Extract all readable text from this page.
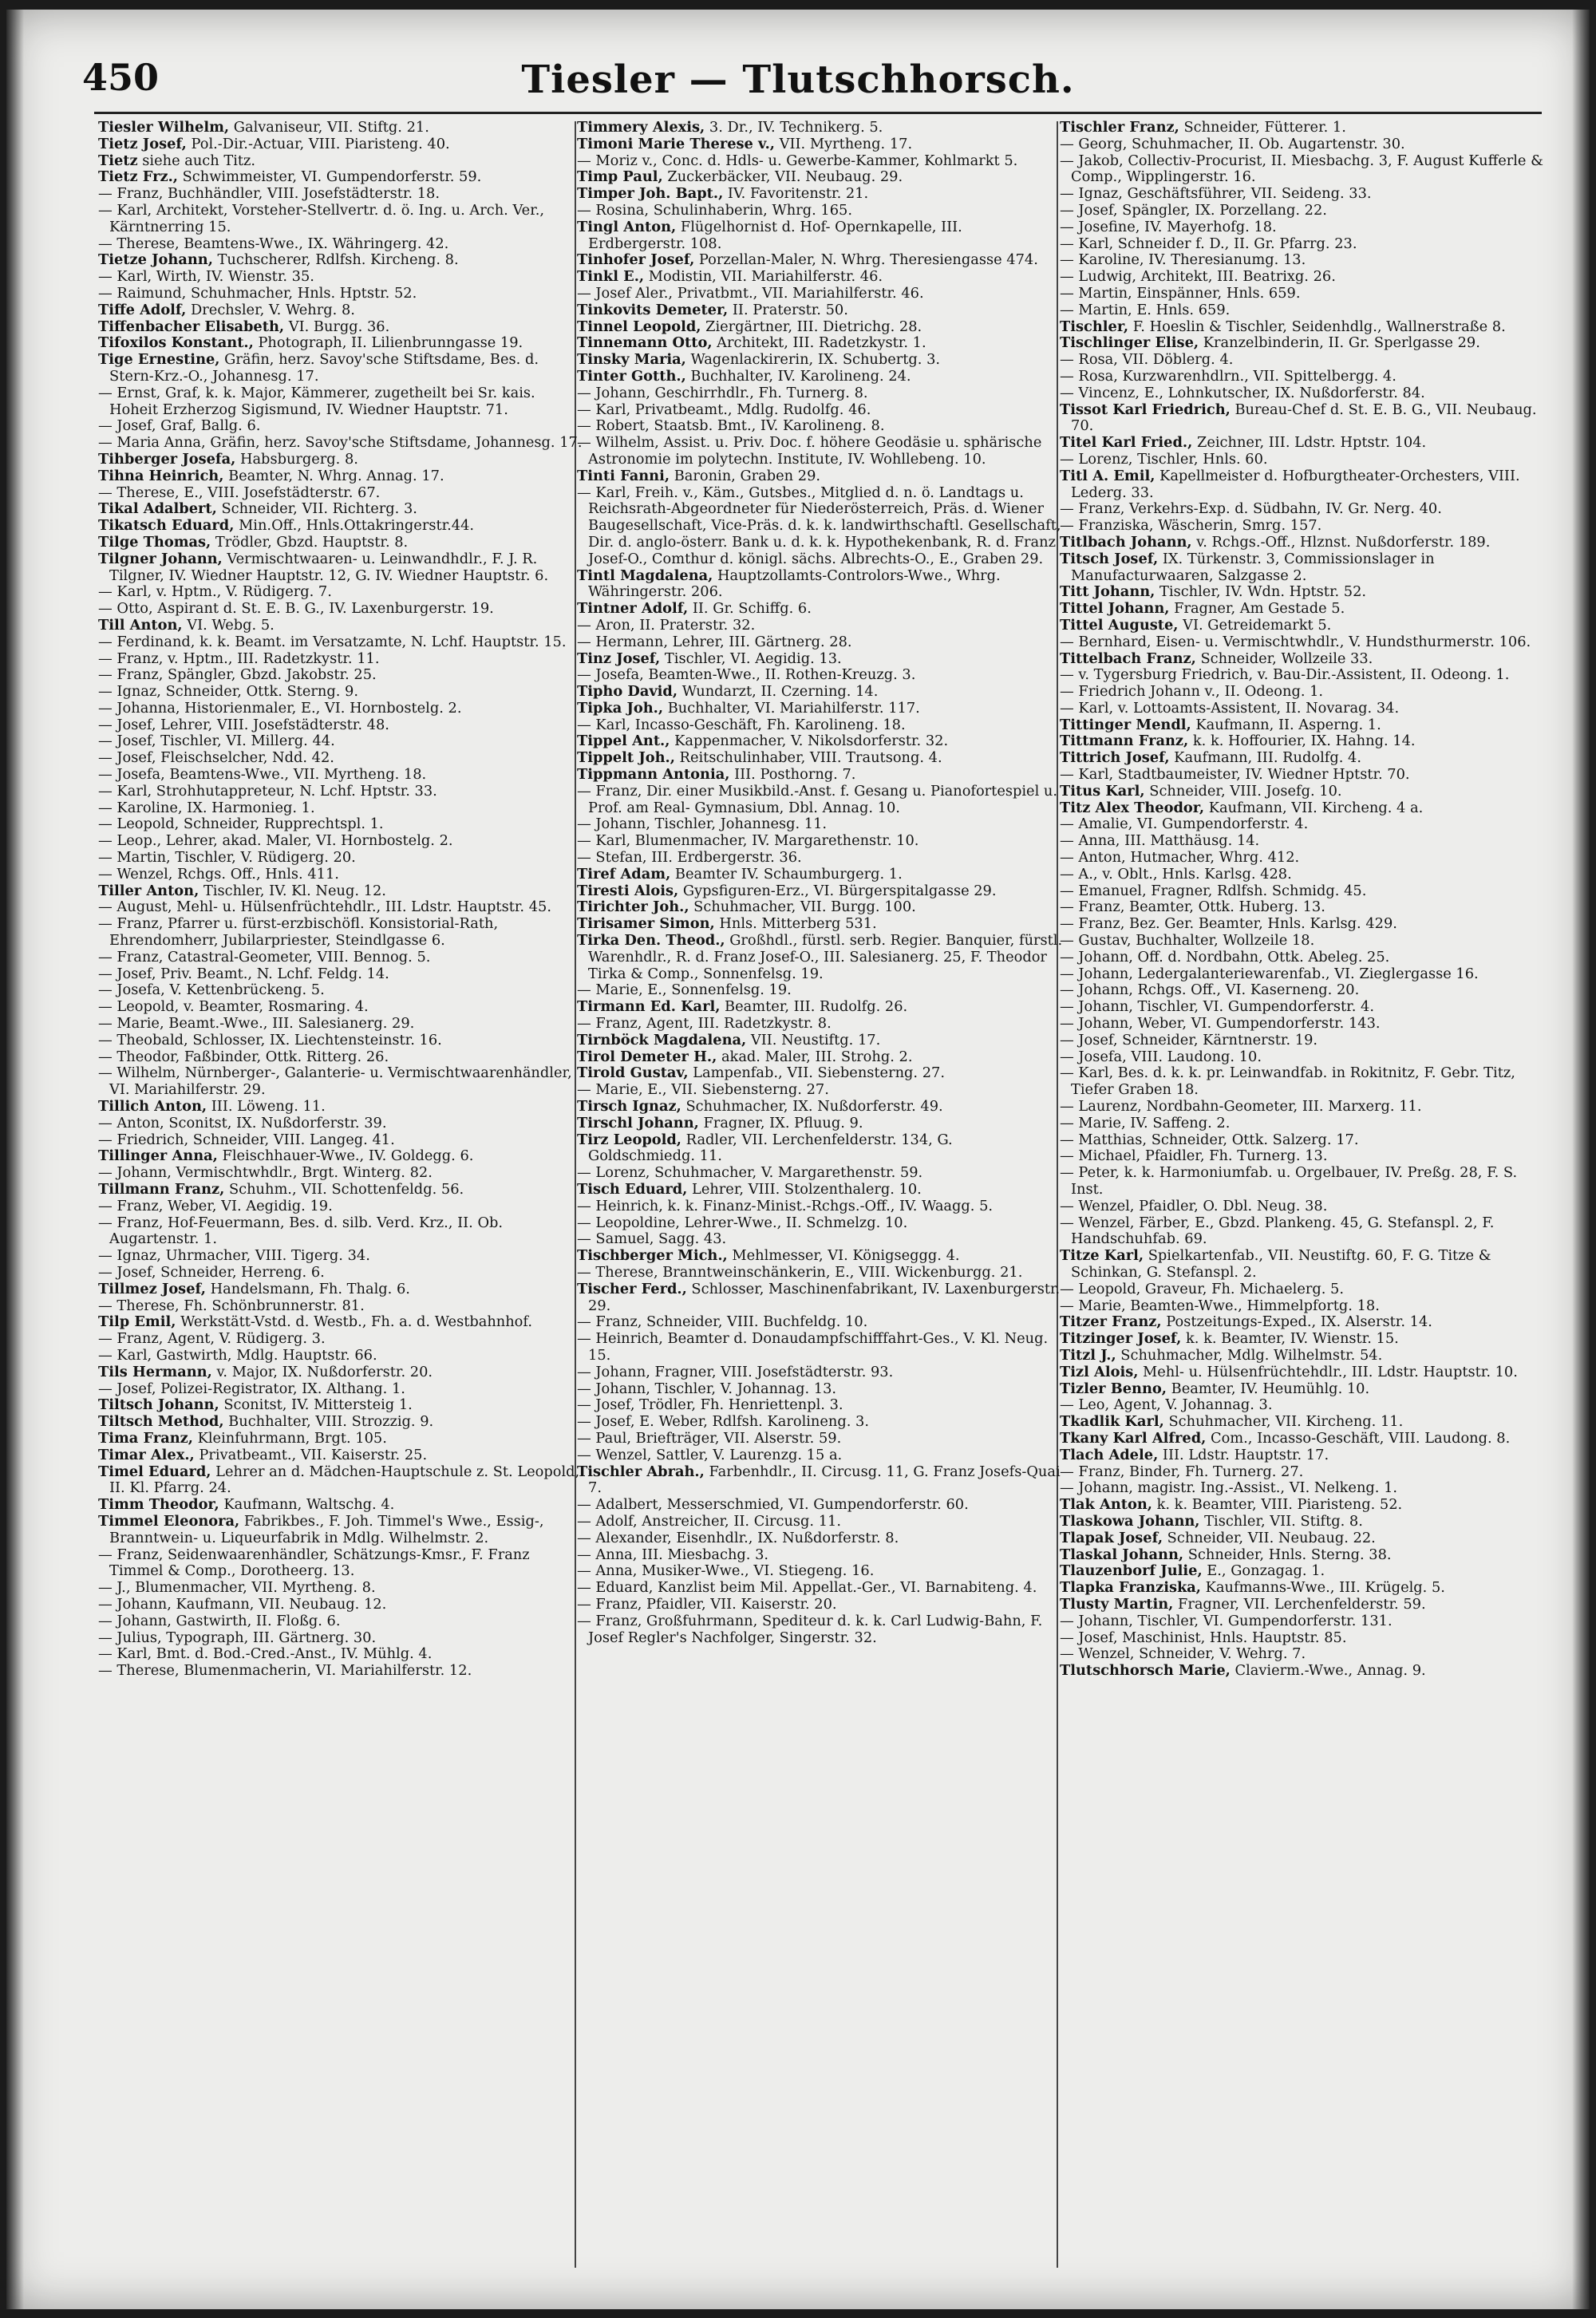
450	Tiesler — Tlutschhorsch.
Tiesler Wilhelm, Galvaniseur, VII. Stiftg. 21.
Tietz Josef, Pol.-Dir.-Actuar, VIII. Piaristeng. 40.
Tietz siehe auch Titz.
Tietz Frz., Schwimmeister, VI. Gumpendorferstr. 59.
— Franz, Buchhändler, VIII. Josefstädterstr. 18.
— Karl, Architekt, Vorsteher-Stellvertr. d. ö. Ing. u. Arch. Ver., Kärntnerring 15.
— Therese, Beamtens-Wwe., IX. Währingerg. 42.
Tietze Johann, Tuchscherer, Rdlfsh. Kircheng. 8.
— Karl, Wirth, IV. Wienstr. 35.
— Raimund, Schuhmacher, Hnls. Hptstr. 52.
Tiffe Adolf, Drechsler, V. Wehrg. 8.
Tiffenbacher Elisabeth, VI. Burgg. 36.
Tifoxilos Konstant., Photograph, II. Lilienbrunngasse 19.
Tige Ernestine, Gräfin, herz. Savoy'sche Stiftsdame, Bes. d. Stern-Krz.-O., Johannesg. 17.
— Ernst, Graf, k. k. Major, Kämmerer, zugetheilt bei Sr. kais. Hoheit Erzherzog Sigismund, IV. Wiedner Hauptstr. 71.
— Josef, Graf, Ballg. 6.
— Maria Anna, Gräfin, herz. Savoy'sche Stiftsdame, Johannesg. 17.
Tihberger Josefa, Habsburgerg. 8.
Tihna Heinrich, Beamter, N. Whrg. Annag. 17.
— Therese, E., VIII. Josefstädterstr. 67.
Tikal Adalbert, Schneider, VII. Richterg. 3.
Tikatsch Eduard, Min.Off., Hnls.Ottakringerstr.44.
Tilge Thomas, Trödler, Gbzd. Hauptstr. 8.
Tilgner Johann, Vermischtwaaren- u. Leinwandhdlr., F. J. R. Tilgner, IV. Wiedner Hauptstr. 12, G. IV. Wiedner Hauptstr. 6.
— Karl, v. Hptm., V. Rüdigerg. 7.
— Otto, Aspirant d. St. E. B. G., IV. Laxenburgerstr. 19.
Till Anton, VI. Webg. 5.
— Ferdinand, k. k. Beamt. im Versatzamte, N. Lchf. Hauptstr. 15.
— Franz, v. Hptm., III. Radetzkystr. 11.
— Franz, Spängler, Gbzd. Jakobstr. 25.
— Ignaz, Schneider, Ottk. Sterng. 9.
— Johanna, Historienmaler, E., VI. Hornbostelg. 2.
— Josef, Lehrer, VIII. Josefstädterstr. 48.
— Josef, Tischler, VI. Millerg. 44.
— Josef, Fleischselcher, Ndd. 42.
— Josefa, Beamtens-Wwe., VII. Myrtheng. 18.
— Karl, Strohhutappreteur, N. Lchf. Hptstr. 33.
— Karoline, IX. Harmonieg. 1.
— Leopold, Schneider, Rupprechtspl. 1.
— Leop., Lehrer, akad. Maler, VI. Hornbostelg. 2.
— Martin, Tischler, V. Rüdigerg. 20.
— Wenzel, Rchgs. Off., Hnls. 411.
Tiller Anton, Tischler, IV. Kl. Neug. 12.
— August, Mehl- u. Hülsenfrüchtehdlr., III. Ldstr. Hauptstr. 45.
— Franz, Pfarrer u. fürst-erzbischöfl. Konsistorial-Rath, Ehrendomherr, Jubilarpriester, Steindlgasse 6.
— Franz, Catastral-Geometer, VIII. Bennog. 5.
— Josef, Priv. Beamt., N. Lchf. Feldg. 14.
— Josefa, V. Kettenbrückeng. 5.
— Leopold, v. Beamter, Rosmaring. 4.
— Marie, Beamt.-Wwe., III. Salesianerg. 29.
— Theobald, Schlosser, IX. Liechtensteinstr. 16.
— Theodor, Faßbinder, Ottk. Ritterg. 26.
— Wilhelm, Nürnberger-, Galanterie- u. Vermischtwaarenhändler, VI. Mariahilferstr. 29.
Tillich Anton, III. Löweng. 11.
— Anton, Sconitst, IX. Nußdorferstr. 39.
— Friedrich, Schneider, VIII. Langeg. 41.
Tillinger Anna, Fleischhauer-Wwe., IV. Goldegg. 6.
— Johann, Vermischtwhdlr., Brgt. Winterg. 82.
Tillmann Franz, Schuhm., VII. Schottenfeldg. 56.
— Franz, Weber, VI. Aegidig. 19.
— Franz, Hof-Feuermann, Bes. d. silb. Verd. Krz., II. Ob. Augartenstr. 1.
— Ignaz, Uhrmacher, VIII. Tigerg. 34.
— Josef, Schneider, Herreng. 6.
Tillmez Josef, Handelsmann, Fh. Thalg. 6.
— Therese, Fh. Schönbrunnerstr. 81.
Tilp Emil, Werkstätt-Vstd. d. Westb., Fh. a. d. Westbahnhof.
— Franz, Agent, V. Rüdigerg. 3.
— Karl, Gastwirth, Mdlg. Hauptstr. 66.
Tils Hermann, v. Major, IX. Nußdorferstr. 20.
— Josef, Polizei-Registrator, IX. Althang. 1.
Tiltsch Johann, Sconitst, IV. Mittersteig 1.
Tiltsch Method, Buchhalter, VIII. Strozzig. 9.
Tima Franz, Kleinfuhrmann, Brgt. 105.
Timar Alex., Privatbeamt., VII. Kaiserstr. 25.
Timel Eduard, Lehrer an d. Mädchen-Hauptschule z. St. Leopold, II. Kl. Pfarrg. 24.
Timm Theodor, Kaufmann, Waltschg. 4.
Timmel Eleonora, Fabrikbes., F. Joh. Timmel's Wwe., Essig-, Branntwein- u. Liqueurfabrik in Mdlg. Wilhelmstr. 2.
— Franz, Seidenwaarenhändler, Schätzungs-Kmsr., F. Franz Timmel & Comp., Dorotheerg. 13.
— J., Blumenmacher, VII. Myrtheng. 8.
— Johann, Kaufmann, VII. Neubaug. 12.
— Johann, Gastwirth, II. Floßg. 6.
— Julius, Typograph, III. Gärtnerg. 30.
— Karl, Bmt. d. Bod.-Cred.-Anst., IV. Mühlg. 4.
— Therese, Blumenmacherin, VI. Mariahilferstr. 12.
Timmery Alexis, 3. Dr., IV. Technikerg. 5.
Timoni Marie Therese v., VII. Myrtheng. 17.
— Moriz v., Conc. d. Hdls- u. Gewerbe-Kammer, Kohlmarkt 5.
Timp Paul, Zuckerbäcker, VII. Neubaug. 29.
Timper Joh. Bapt., IV. Favoritenstr. 21.
— Rosina, Schulinhaberin, Whrg. 165.
Tingl Anton, Flügelhornist d. Hof- Opernkapelle, III. Erdbergerstr. 108.
Tinhofer Josef, Porzellan-Maler, N. Whrg. Theresiengasse 474.
Tinkl E., Modistin, VII. Mariahilferstr. 46.
— Josef Aler., Privatbmt., VII. Mariahilferstr. 46.
Tinkovits Demeter, II. Praterstr. 50.
Tinnel Leopold, Ziergärtner, III. Dietrichg. 28.
Tinnemann Otto, Architekt, III. Radetzkystr. 1.
Tinsky Maria, Wagenlackirerin, IX. Schubertg. 3.
Tinter Gotth., Buchhalter, IV. Karolineng. 24.
— Johann, Geschirrhdlr., Fh. Turnerg. 8.
— Karl, Privatbeamt., Mdlg. Rudolfg. 46.
— Robert, Staatsb. Bmt., IV. Karolineng. 8.
— Wilhelm, Assist. u. Priv. Doc. f. höhere Geodäsie u. sphärische Astronomie im polytechn. Institute, IV. Wohllebeng. 10.
Tinti Fanni, Baronin, Graben 29.
— Karl, Freih. v., Käm., Gutsbes., Mitglied d. n. ö. Landtags u. Reichsrath-Abgeordneter für Niederösterreich, Präs. d. Wiener Baugesellschaft, Vice-Präs. d. k. k. landwirthschaftl. Gesellschaft, Dir. d. anglo-österr. Bank u. d. k. k. Hypothekenbank, R. d. Franz Josef-O., Comthur d. königl. sächs. Albrechts-O., E., Graben 29.
Tintl Magdalena, Hauptzollamts-Controlors-Wwe., Whrg. Währingerstr. 206.
Tintner Adolf, II. Gr. Schiffg. 6.
— Aron, II. Praterstr. 32.
— Hermann, Lehrer, III. Gärtnerg. 28.
Tinz Josef, Tischler, VI. Aegidig. 13.
— Josefa, Beamten-Wwe., II. Rothen-Kreuzg. 3.
Tipho David, Wundarzt, II. Czerning. 14.
Tipka Joh., Buchhalter, VI. Mariahilferstr. 117.
— Karl, Incasso-Geschäft, Fh. Karolineng. 18.
Tippel Ant., Kappenmacher, V. Nikolsdorferstr. 32.
Tippelt Joh., Reitschulinhaber, VIII. Trautsong. 4.
Tippmann Antonia, III. Posthorng. 7.
— Franz, Dir. einer Musikbild.-Anst. f. Gesang u. Pianofortespiel u. Prof. am Real- Gymnasium, Dbl. Annag. 10.
— Johann, Tischler, Johannesg. 11.
— Karl, Blumenmacher, IV. Margarethenstr. 10.
— Stefan, III. Erdbergerstr. 36.
Tiref Adam, Beamter IV. Schaumburgerg. 1.
Tiresti Alois, Gypsfiguren-Erz., VI. Bürgerspitalgasse 29.
Tirichter Joh., Schuhmacher, VII. Burgg. 100.
Tirisamer Simon, Hnls. Mitterberg 531.
Tirka Den. Theod., Großhdl., fürstl. serb. Regier. Banquier, fürstl. Warenhdlr., R. d. Franz Josef-O., III. Salesianerg. 25, F. Theodor Tirka & Comp., Sonnenfelsg. 19.
— Marie, E., Sonnenfelsg. 19.
Tirmann Ed. Karl, Beamter, III. Rudolfg. 26.
— Franz, Agent, III. Radetzkystr. 8.
Tirnböck Magdalena, VII. Neustiftg. 17.
Tirol Demeter H., akad. Maler, III. Strohg. 2.
Tirold Gustav, Lampenfab., VII. Siebensterng. 27.
— Marie, E., VII. Siebensterng. 27.
Tirsch Ignaz, Schuhmacher, IX. Nußdorferstr. 49.
Tirschl Johann, Fragner, IX. Pfluug. 9.
Tirz Leopold, Radler, VII. Lerchenfelderstr. 134, G. Goldschmiedg. 11.
— Lorenz, Schuhmacher, V. Margarethenstr. 59.
Tisch Eduard, Lehrer, VIII. Stolzenthalerg. 10.
— Heinrich, k. k. Finanz-Minist.-Rchgs.-Off., IV. Waagg. 5.
— Leopoldine, Lehrer-Wwe., II. Schmelzg. 10.
— Samuel, Sagg. 43.
Tischberger Mich., Mehlmesser, VI. Königseggg. 4.
— Therese, Branntweinschänkerin, E., VIII. Wickenburgg. 21.
Tischer Ferd., Schlosser, Maschinenfabrikant, IV. Laxenburgerstr. 29.
— Franz, Schneider, VIII. Buchfeldg. 10.
— Heinrich, Beamter d. Donaudampfschifffahrt-Ges., V. Kl. Neug. 15.
— Johann, Fragner, VIII. Josefstädterstr. 93.
— Johann, Tischler, V. Johannag. 13.
— Josef, Trödler, Fh. Henriettenpl. 3.
— Josef, E. Weber, Rdlfsh. Karolineng. 3.
— Paul, Briefträger, VII. Alserstr. 59.
— Wenzel, Sattler, V. Laurenzg. 15 a.
Tischler Abrah., Farbenhdlr., II. Circusg. 11, G. Franz Josefs-Quai 7.
— Adalbert, Messerschmied, VI. Gumpendorferstr. 60.
— Adolf, Anstreicher, II. Circusg. 11.
— Alexander, Eisenhdlr., IX. Nußdorferstr. 8.
— Anna, III. Miesbachg. 3.
— Anna, Musiker-Wwe., VI. Stiegeng. 16.
— Eduard, Kanzlist beim Mil. Appellat.-Ger., VI. Barnabiteng. 4.
— Franz, Pfaidler, VII. Kaiserstr. 20.
— Franz, Großfuhrmann, Spediteur d. k. k. Carl Ludwig-Bahn, F. Josef Regler's Nachfolger, Singerstr. 32.
Tischler Franz, Schneider, Fütterer. 1.
— Georg, Schuhmacher, II. Ob. Augartenstr. 30.
— Jakob, Collectiv-Procurist, II. Miesbachg. 3, F. August Kufferle & Comp., Wipplingerstr. 16.
— Ignaz, Geschäftsführer, VII. Seideng. 33.
— Josef, Spängler, IX. Porzellang. 22.
— Josefine, IV. Mayerhofg. 18.
— Karl, Schneider f. D., II. Gr. Pfarrg. 23.
— Karoline, IV. Theresianumg. 13.
— Ludwig, Architekt, III. Beatrixg. 26.
— Martin, Einspänner, Hnls. 659.
— Martin, E. Hnls. 659.
Tischler, F. Hoeslin & Tischler, Seidenhdlg., Wallnerstraße 8.
Tischlinger Elise, Kranzelbinderin, II. Gr. Sperlgasse 29.
— Rosa, VII. Döblerg. 4.
— Rosa, Kurzwarenhdlrn., VII. Spittelbergg. 4.
— Vincenz, E., Lohnkutscher, IX. Nußdorferstr. 84.
Tissot Karl Friedrich, Bureau-Chef d. St. E. B. G., VII. Neubaug. 70.
Titel Karl Fried., Zeichner, III. Ldstr. Hptstr. 104.
— Lorenz, Tischler, Hnls. 60.
Titl A. Emil, Kapellmeister d. Hofburgtheater-Orchesters, VIII. Lederg. 33.
— Franz, Verkehrs-Exp. d. Südbahn, IV. Gr. Nerg. 40.
— Franziska, Wäscherin, Smrg. 157.
Titlbach Johann, v. Rchgs.-Off., Hlznst. Nußdorferstr. 189.
Titsch Josef, IX. Türkenstr. 3, Commissionslager in Manufacturwaaren, Salzgasse 2.
Titt Johann, Tischler, IV. Wdn. Hptstr. 52.
Tittel Johann, Fragner, Am Gestade 5.
Tittel Auguste, VI. Getreidemarkt 5.
— Bernhard, Eisen- u. Vermischtwhdlr., V. Hundsthurmerstr. 106.
Tittelbach Franz, Schneider, Wollzeile 33.
— v. Tygersburg Friedrich, v. Bau-Dir.-Assistent, II. Odeong. 1.
— Friedrich Johann v., II. Odeong. 1.
— Karl, v. Lottoamts-Assistent, II. Novarag. 34.
Tittinger Mendl, Kaufmann, II. Asperng. 1.
Tittmann Franz, k. k. Hoffourier, IX. Hahng. 14.
Tittrich Josef, Kaufmann, III. Rudolfg. 4.
— Karl, Stadtbaumeister, IV. Wiedner Hptstr. 70.
Titus Karl, Schneider, VIII. Josefg. 10.
Titz Alex Theodor, Kaufmann, VII. Kircheng. 4 a.
— Amalie, VI. Gumpendorferstr. 4.
— Anna, III. Matthäusg. 14.
— Anton, Hutmacher, Whrg. 412.
— A., v. Oblt., Hnls. Karlsg. 428.
— Emanuel, Fragner, Rdlfsh. Schmidg. 45.
— Franz, Beamter, Ottk. Huberg. 13.
— Franz, Bez. Ger. Beamter, Hnls. Karlsg. 429.
— Gustav, Buchhalter, Wollzeile 18.
— Johann, Off. d. Nordbahn, Ottk. Abeleg. 25.
— Johann, Ledergalanteriewarenfab., VI. Zieglergasse 16.
— Johann, Rchgs. Off., VI. Kaserneng. 20.
— Johann, Tischler, VI. Gumpendorferstr. 4.
— Johann, Weber, VI. Gumpendorferstr. 143.
— Josef, Schneider, Kärntnerstr. 19.
— Josefa, VIII. Laudong. 10.
— Karl, Bes. d. k. k. pr. Leinwandfab. in Rokitnitz, F. Gebr. Titz, Tiefer Graben 18.
— Laurenz, Nordbahn-Geometer, III. Marxerg. 11.
— Marie, IV. Saffeng. 2.
— Matthias, Schneider, Ottk. Salzerg. 17.
— Michael, Pfaidler, Fh. Turnerg. 13.
— Peter, k. k. Harmoniumfab. u. Orgelbauer, IV. Preßg. 28, F. S. Inst.
— Wenzel, Pfaidler, O. Dbl. Neug. 38.
— Wenzel, Färber, E., Gbzd. Plankeng. 45, G. Stefanspl. 2, F. Handschuhfab. 69.
Titze Karl, Spielkartenfab., VII. Neustiftg. 60, F. G. Titze & Schinkan, G. Stefanspl. 2.
— Leopold, Graveur, Fh. Michaelerg. 5.
— Marie, Beamten-Wwe., Himmelpfortg. 18.
Titzer Franz, Postzeitungs-Exped., IX. Alserstr. 14.
Titzinger Josef, k. k. Beamter, IV. Wienstr. 15.
Titzl J., Schuhmacher, Mdlg. Wilhelmstr. 54.
Tizl Alois, Mehl- u. Hülsenfrüchtehdlr., III. Ldstr. Hauptstr. 10.
Tizler Benno, Beamter, IV. Heumühlg. 10.
— Leo, Agent, V. Johannag. 3.
Tkadlik Karl, Schuhmacher, VII. Kircheng. 11.
Tkany Karl Alfred, Com., Incasso-Geschäft, VIII. Laudong. 8.
Tlach Adele, III. Ldstr. Hauptstr. 17.
— Franz, Binder, Fh. Turnerg. 27.
— Johann, magistr. Ing.-Assist., VI. Nelkeng. 1.
Tlak Anton, k. k. Beamter, VIII. Piaristeng. 52.
Tlaskowa Johann, Tischler, VII. Stiftg. 8.
Tlapak Josef, Schneider, VII. Neubaug. 22.
Tlaskal Johann, Schneider, Hnls. Sterng. 38.
Tlauzenborf Julie, E., Gonzagag. 1.
Tlapka Franziska, Kaufmanns-Wwe., III. Krügelg. 5.
Tlusty Martin, Fragner, VII. Lerchenfelderstr. 59.
— Johann, Tischler, VI. Gumpendorferstr. 131.
— Josef, Maschinist, Hnls. Hauptstr. 85.
— Wenzel, Schneider, V. Wehrg. 7.
Tlutschhorsch Marie, Clavierm.-Wwe., Annag. 9.
